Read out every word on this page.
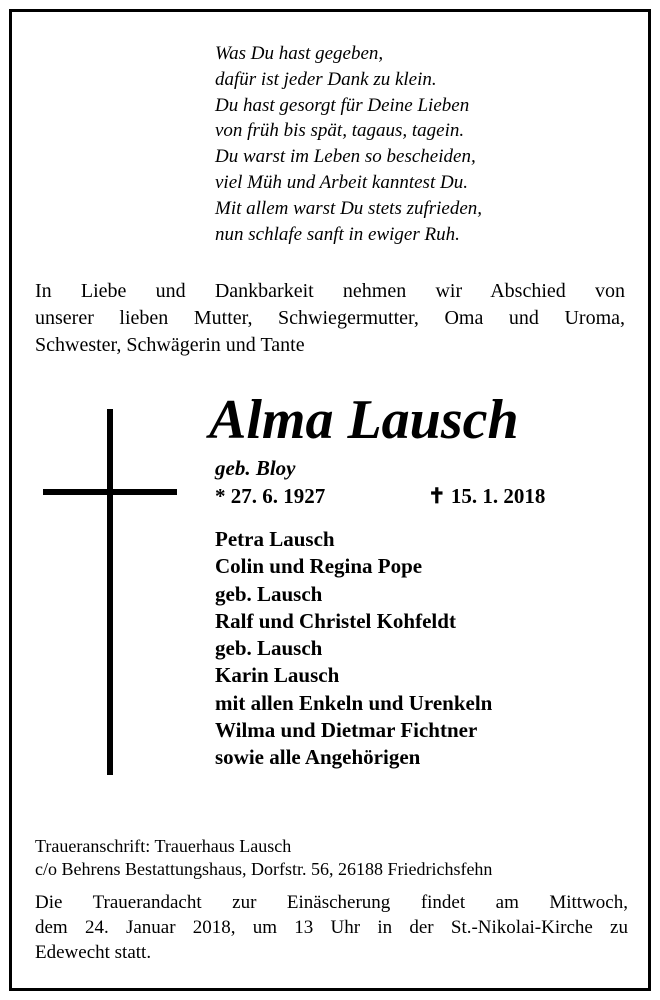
Was Du hast gegeben,
dafür ist jeder Dank zu klein.
Du hast gesorgt für Deine Lieben
von früh bis spät, tagaus, tagein.
Du warst im Leben so bescheiden,
viel Müh und Arbeit kanntest Du.
Mit allem warst Du stets zufrieden,
nun schlafe sanft in ewiger Ruh.
In Liebe und Dankbarkeit nehmen wir Abschied von
unserer lieben Mutter, Schwiegermutter, Oma und Uroma,
Schwester, Schwägerin und Tante
Alma Lausch
geb. Bloy
* 27. 6. 1927	✝ 15. 1. 2018
Petra Lausch
Colin und Regina Pope
geb. Lausch
Ralf und Christel Kohfeldt
geb. Lausch
Karin Lausch
mit allen Enkeln und Urenkeln
Wilma und Dietmar Fichtner
sowie alle Angehörigen
Traueranschrift: Trauerhaus Lausch
c/o Behrens Bestattungshaus, Dorfstr. 56, 26188 Friedrichsfehn
Die Trauerandacht zur Einäscherung findet am Mittwoch,
dem 24. Januar 2018, um 13 Uhr in der St.-Nikolai-Kirche zu
Edewecht statt.
